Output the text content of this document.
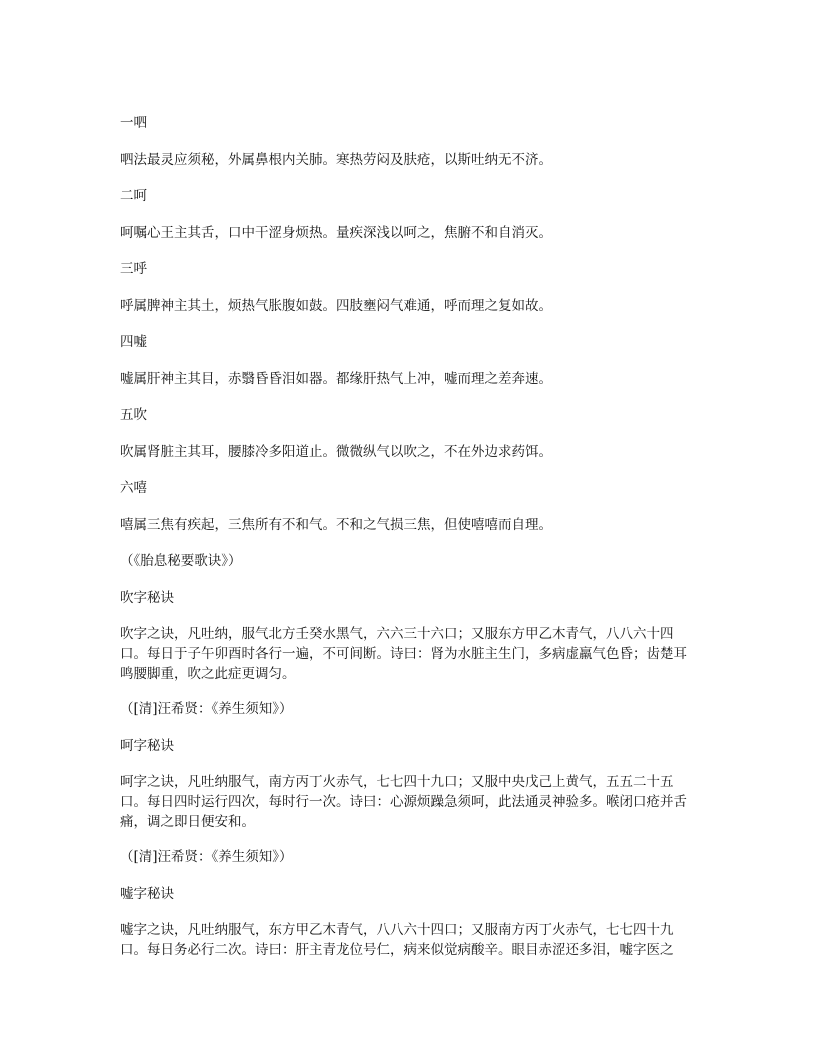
一呬

呬法最灵应须秘，外属鼻根内关肺。寒热劳闷及肤疮，以斯吐纳无不济。

二呵

呵嘱心王主其舌，口中干涩身烦热。量疾深浅以呵之，焦腑不和自消灭。

三呼

呼属脾神主其土，烦热气胀腹如鼓。四肢壅闷气难通，呼而理之复如故。

四嘘

嘘属肝神主其目，赤翳昏昏泪如器。都缘肝热气上冲，嘘而理之差奔速。

五吹

吹属肾脏主其耳，腰膝冷多阳道止。微微纵气以吹之，不在外边求药饵。

六嘻

嘻属三焦有疾起，三焦所有不和气。不和之气损三焦，但使嘻嘻而自理。

（《胎息秘要歌诀》）

吹字秘诀

吹字之诀，凡吐纳，服气北方壬癸水黑气，六六三十六口；又服东方甲乙木青气，八八六十四口。每日于子午卯酉时各行一遍，不可间断。诗曰：肾为水脏主生门，多病虚羸气色昏；齿楚耳鸣腰脚重，吹之此症更调匀。

（[清]汪希贤：《养生须知》）

呵字秘诀

呵字之诀，凡吐纳服气，南方丙丁火赤气，七七四十九口；又服中央戊己上黄气，五五二十五口。每日四时运行四次，每时行一次。诗曰：心源烦躁急须呵，此法通灵神验多。喉闭口疮并舌痛，调之即日便安和。

（[清]汪希贤：《养生须知》）

嘘字秘诀

嘘字之诀，凡吐纳服气，东方甲乙木青气，八八六十四口；又服南方丙丁火赤气，七七四十九口。每日务必行二次。诗曰：肝主青龙位号仁，病来似觉病酸辛。眼目赤涩还多泪，嘘字医之
